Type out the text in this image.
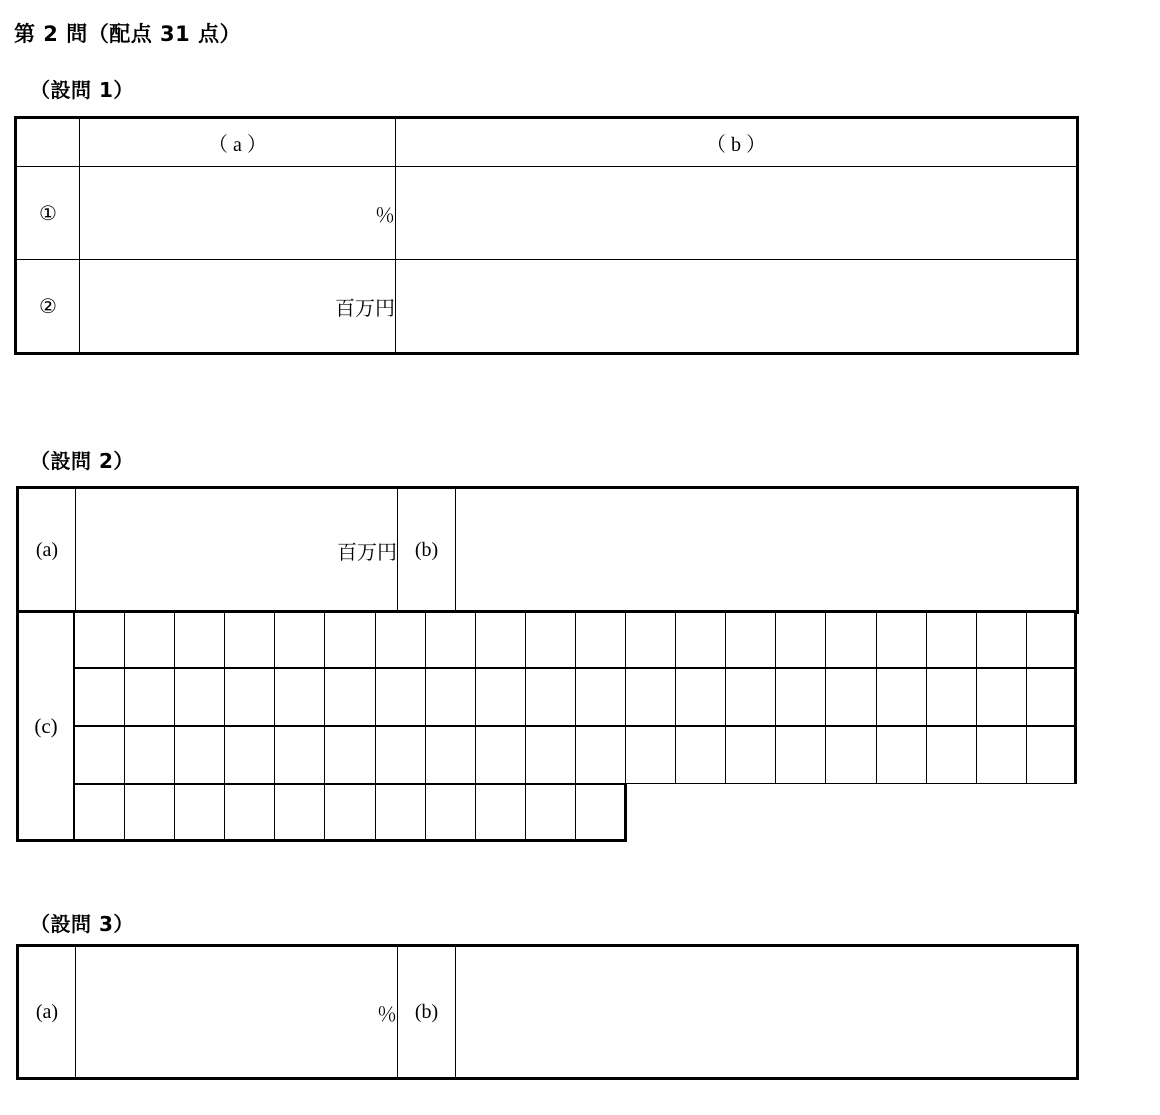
第 2 問（配点 31 点）
（設問 1）
	（ a ）	（ b ）
①	％	
②	百万円	
（設問 2）
(a)	百万円	(b)	
(c)
（設問 3）
(a)	％	(b)	
